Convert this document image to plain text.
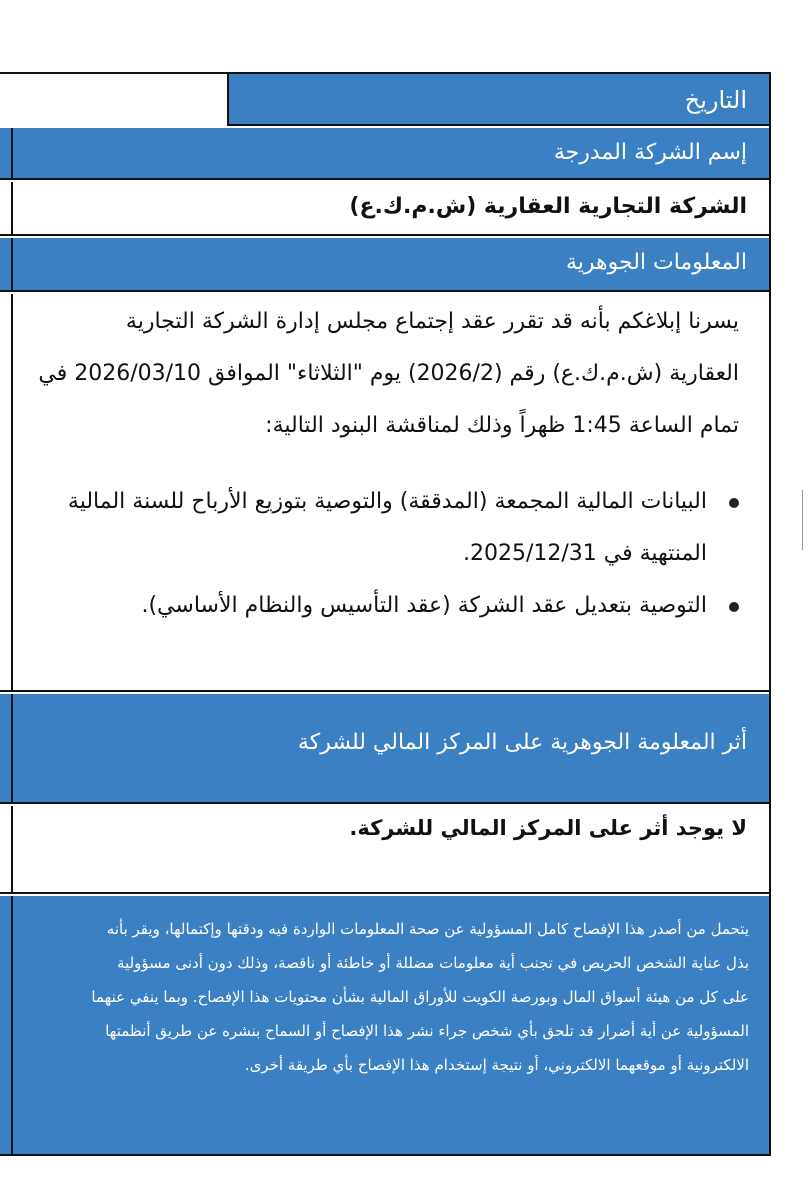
3/04	التاريخ
إسم الشركة المدرجة
الشركة التجارية العقارية (ش.م.ك.ع)
المعلومات الجوهرية
يسرنا إبلاغكم بأنه قد تقرر عقد إجتماع مجلس إدارة الشركة التجارية
العقارية (ش.م.ك.ع) رقم (2026/2) يوم "الثلاثاء" الموافق 2026/03/10 في
تمام الساعة 1:45 ظهراً وذلك لمناقشة البنود التالية:
البيانات المالية المجمعة (المدققة) والتوصية بتوزيع الأرباح للسنة المالية
المنتهية في 2025/12/31.
التوصية بتعديل عقد الشركة (عقد التأسيس والنظام الأساسي).
أثر المعلومة الجوهرية على المركز المالي للشركة
لا يوجد أثر على المركز المالي للشركة.
يتحمل من أصدر هذا الإفصاح كامل المسؤولية عن صحة المعلومات الواردة فيه ودقتها وإكتمالها، ويقر بأنه
بذل عناية الشخص الحريص في تجنب أية معلومات مضللة أو خاطئة أو ناقصة، وذلك دون أدنى مسؤولية
على كل من هيئة أسواق المال وبورصة الكويت للأوراق المالية بشأن محتويات هذا الإفصاح. وبما ينفي عنهما
المسؤولية عن أية أضرار قد تلحق بأي شخص جراء نشر هذا الإفصاح أو السماح بنشره عن طريق أنظمتها
الالكترونية أو موقعهما الالكتروني، أو نتيجة إستخدام هذا الإفصاح بأي طريقة أخرى.
